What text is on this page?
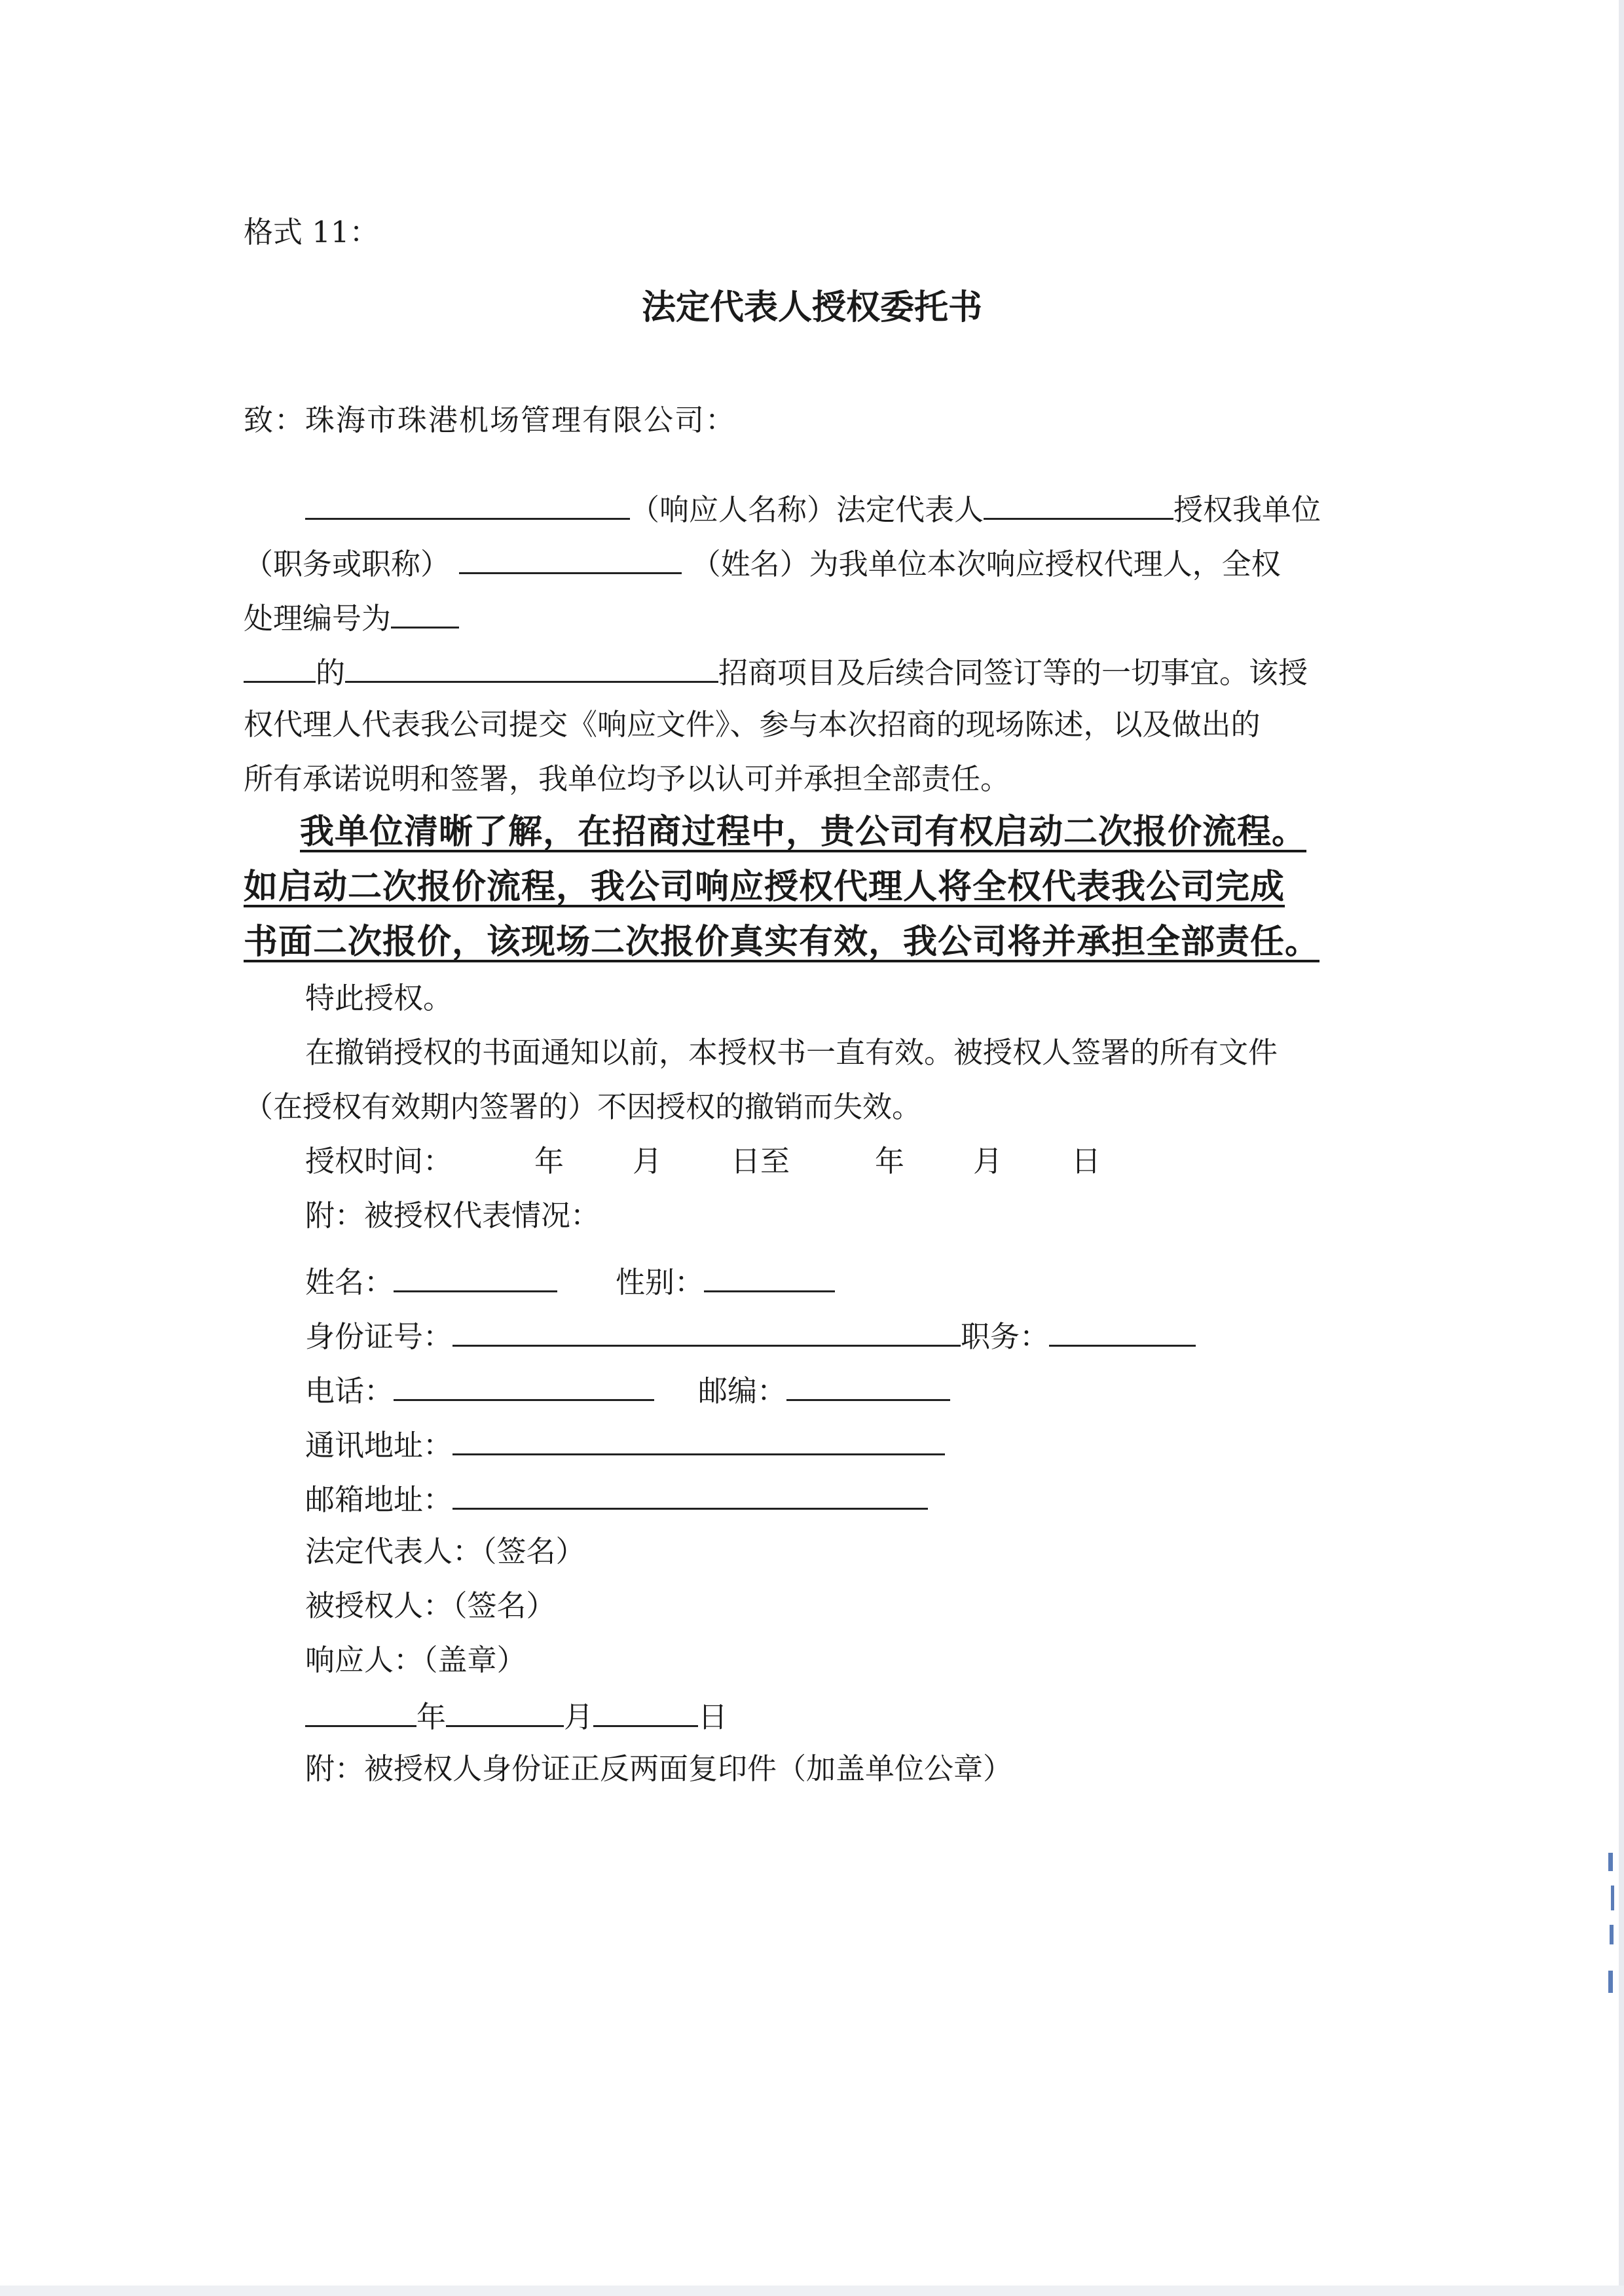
格式 11：
法定代表人授权委托书
致：珠海市珠港机场管理有限公司：
（响应人名称）法定代表人	授权我单位
（职务或职称）	（姓名）为我单位本次响应授权代理人，全权
处理编号为
的	招商项目及后续合同签订等的一切事宜。该授
权代理人代表我公司提交《响应文件》、参与本次招商的现场陈述，以及做出的
所有承诺说明和签署，我单位均予以认可并承担全部责任。
我单位清晰了解，在招商过程中，贵公司有权启动二次报价流程。
如启动二次报价流程，我公司响应授权代理人将全权代表我公司完成
书面二次报价，该现场二次报价真实有效，我公司将并承担全部责任。
特此授权。
在撤销授权的书面通知以前，本授权书一直有效。被授权人签署的所有文件
（在授权有效期内签署的）不因授权的撤销而失效。
授权时间：	年 月 日至	年 月 日
附：被授权代表情况：
姓名：	性别：
身份证号：	职务：
电话：	邮编：
通讯地址：
邮箱地址：
法定代表人：（签名）
被授权人：（签名）
响应人：（盖章）
年	月	日
附：被授权人身份证正反两面复印件（加盖单位公章）
